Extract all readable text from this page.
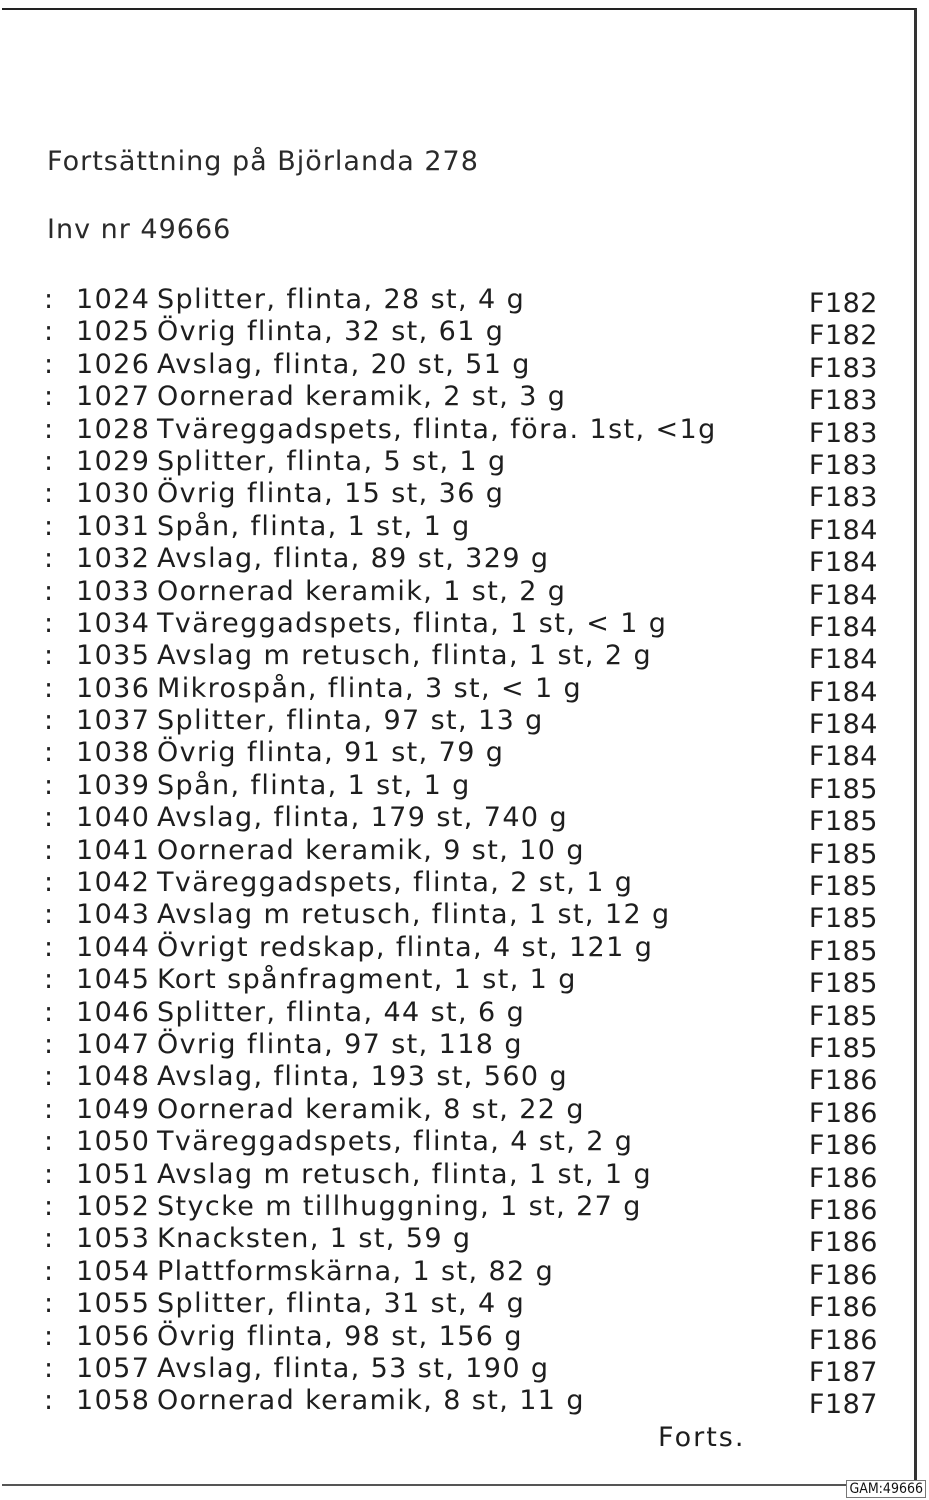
Fortsättning på Björlanda 278
Inv nr 49666
: 1024 Splitter, flinta, 28 st, 4 g	F182
: 1025 Övrig flinta, 32 st, 61 g	F182
: 1026 Avslag, flinta, 20 st, 51 g	F183
: 1027 Oornerad keramik, 2 st, 3 g	F183
: 1028 Tväreggadspets, flinta, föra. 1st, <1g	F183
: 1029 Splitter, flinta, 5 st, 1 g	F183
: 1030 Övrig flinta, 15 st, 36 g	F183
: 1031 Spån, flinta, 1 st, 1 g	F184
: 1032 Avslag, flinta, 89 st, 329 g	F184
: 1033 Oornerad keramik, 1 st, 2 g	F184
: 1034 Tväreggadspets, flinta, 1 st, < 1 g	F184
: 1035 Avslag m retusch, flinta, 1 st, 2 g	F184
: 1036 Mikrospån, flinta, 3 st, < 1 g	F184
: 1037 Splitter, flinta, 97 st, 13 g	F184
: 1038 Övrig flinta, 91 st, 79 g	F184
: 1039 Spån, flinta, 1 st, 1 g	F185
: 1040 Avslag, flinta, 179 st, 740 g	F185
: 1041 Oornerad keramik, 9 st, 10 g	F185
: 1042 Tväreggadspets, flinta, 2 st, 1 g	F185
: 1043 Avslag m retusch, flinta, 1 st, 12 g	F185
: 1044 Övrigt redskap, flinta, 4 st, 121 g	F185
: 1045 Kort spånfragment, 1 st, 1 g	F185
: 1046 Splitter, flinta, 44 st, 6 g	F185
: 1047 Övrig flinta, 97 st, 118 g	F185
: 1048 Avslag, flinta, 193 st, 560 g	F186
: 1049 Oornerad keramik, 8 st, 22 g	F186
: 1050 Tväreggadspets, flinta, 4 st, 2 g	F186
: 1051 Avslag m retusch, flinta, 1 st, 1 g	F186
: 1052 Stycke m tillhuggning, 1 st, 27 g	F186
: 1053 Knacksten, 1 st, 59 g	F186
: 1054 Plattformskärna, 1 st, 82 g	F186
: 1055 Splitter, flinta, 31 st, 4 g	F186
: 1056 Övrig flinta, 98 st, 156 g	F186
: 1057 Avslag, flinta, 53 st, 190 g	F187
: 1058 Oornerad keramik, 8 st, 11 g	F187
Forts.
GAM:49666
